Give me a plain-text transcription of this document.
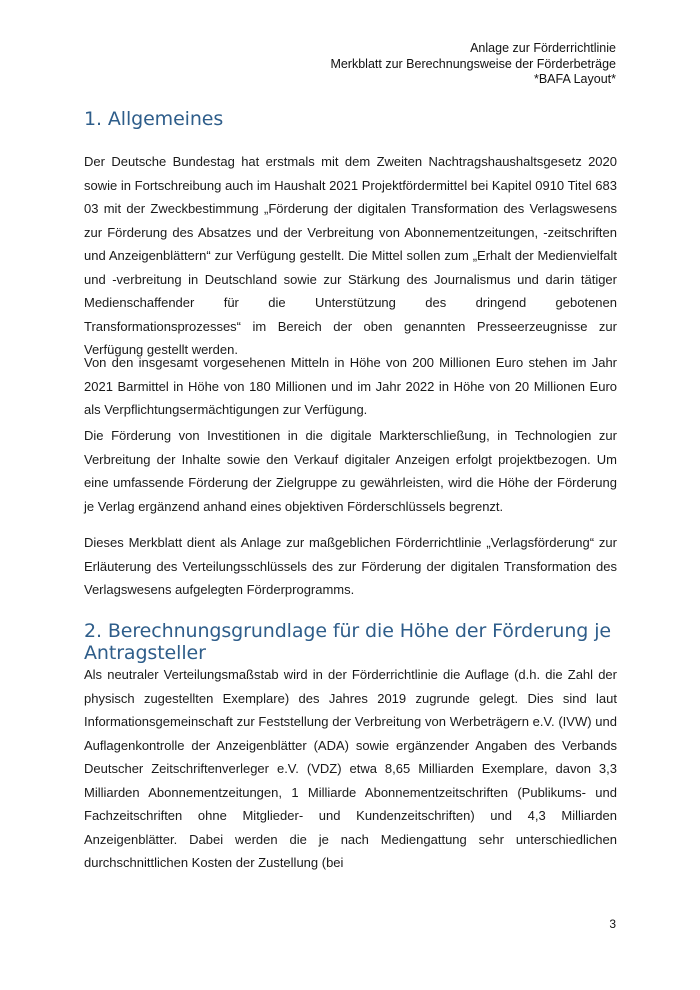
Anlage zur Förderrichtlinie
Merkblatt zur Berechnungsweise der Förderbeträge
*BAFA Layout*
1. Allgemeines

Der Deutsche Bundestag hat erstmals mit dem Zweiten Nachtragshaushaltsgesetz 2020 sowie in Fortschreibung auch im Haushalt 2021 Projektfördermittel bei Kapitel 0910 Titel 683 03 mit der Zweckbestimmung „Förderung der digitalen Transformation des Verlagswesens zur Förderung des Absatzes und der Verbreitung von Abonnementzeitungen, -zeitschriften und Anzeigenblättern“ zur Verfügung gestellt. Die Mittel sollen zum „Erhalt der Medienvielfalt und -verbreitung in Deutschland sowie zur Stärkung des Journalismus und darin tätiger Medienschaffender für die Unterstützung des dringend gebotenen Transformationsprozesses“ im Bereich der oben genannten Presseerzeugnisse zur Verfügung gestellt werden.

Von den insgesamt vorgesehenen Mitteln in Höhe von 200 Millionen Euro stehen im Jahr 2021 Barmittel in Höhe von 180 Millionen und im Jahr 2022 in Höhe von 20 Millionen Euro als Verpflichtungsermächtigungen zur Verfügung.

Die Förderung von Investitionen in die digitale Markterschließung, in Technologien zur Verbreitung der Inhalte sowie den Verkauf digitaler Anzeigen erfolgt projektbezogen. Um eine umfassende Förderung der Zielgruppe zu gewährleisten, wird die Höhe der Förderung je Verlag ergänzend anhand eines objektiven Förderschlüssels begrenzt.

Dieses Merkblatt dient als Anlage zur maßgeblichen Förderrichtlinie „Verlagsförderung“ zur Erläuterung des Verteilungsschlüssels des zur Förderung der digitalen Transformation des Verlagswesens aufgelegten Förderprogramms.

2. Berechnungsgrundlage für die Höhe der Förderung je Antragsteller

Als neutraler Verteilungsmaßstab wird in der Förderrichtlinie die Auflage (d.h. die Zahl der physisch zugestellten Exemplare) des Jahres 2019 zugrunde gelegt. Dies sind laut Informationsgemeinschaft zur Feststellung der Verbreitung von Werbeträgern e.V. (IVW) und Auflagenkontrolle der Anzeigenblätter (ADA) sowie ergänzender Angaben des Verbands Deutscher Zeitschriftenverleger e.V. (VDZ) etwa 8,65 Milliarden Exemplare, davon 3,3 Milliarden Abonnementzeitungen, 1 Milliarde Abonnementzeitschriften (Publikums- und Fachzeitschriften ohne Mitglieder- und Kundenzeitschriften) und 4,3 Milliarden Anzeigenblätter. Dabei werden die je nach Mediengattung sehr unterschiedlichen durchschnittlichen Kosten der Zustellung (bei

3
